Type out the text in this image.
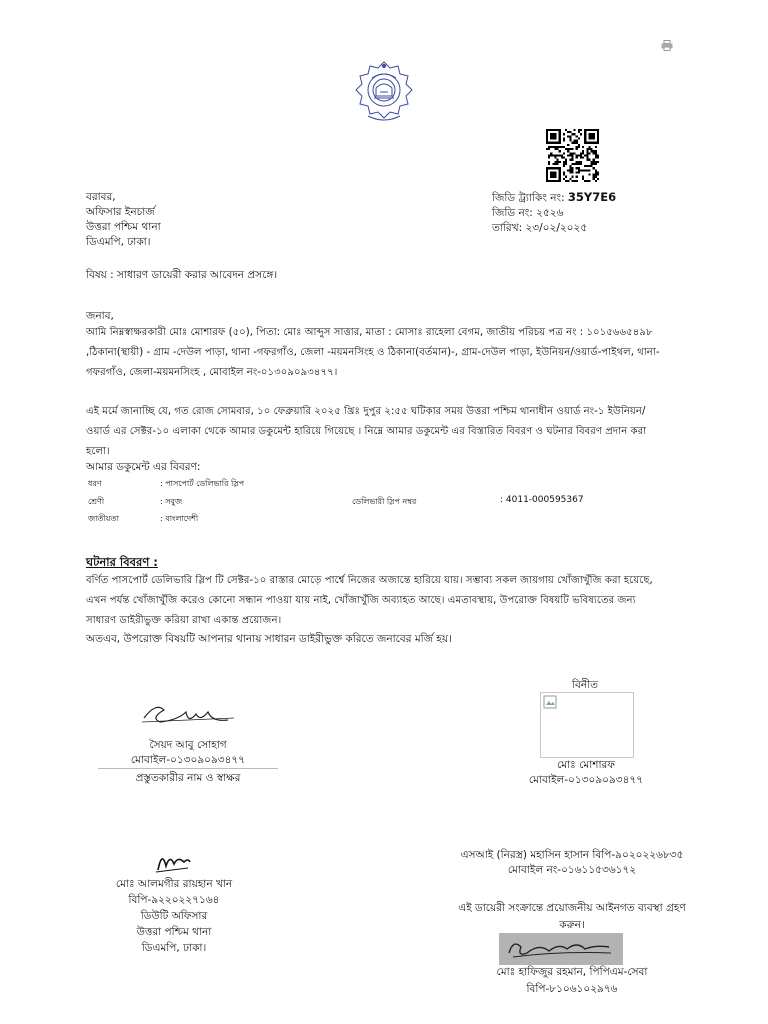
বরাবর,
অফিসার ইনচার্জ
উত্তরা পশ্চিম থানা
ডিএমপি, ঢাকা।
জিডি ট্র্যাকিং নং: 35Y7E6
জিডি নং: ২৫২৬
তারিখ: ২৩/০২/২০২৫
বিষয় : সাধারণ ডায়েরী করার আবেদন প্রসঙ্গে।
জনাব,
আমি নিম্নস্বাক্ষরকারী মোঃ মোশারফ (৫০), পিতা: মোঃ আব্দুস সাত্তার, মাতা : মোসাঃ রাহেলা বেগম, জাতীয় পরিচয় পত্র নং : ১০১৫৬৬৫৪৯৮
,ঠিকানা(স্থায়ী) - গ্রাম -দেউল পাড়া, থানা -গফরগাঁও, জেলা -ময়মনসিংহ ও ঠিকানা(বর্তমান)-, গ্রাম-দেউল পাড়া, ইউনিয়ন/ওয়ার্ড-পাইথল, থানা-
গফরগাঁও, জেলা-ময়মনসিংহ , মোবাইল নং-০১৩০৯০৯৩৪৭৭।
এই মর্মে জানাচ্ছি যে, গত রোজ সোমবার, ১০ ফেব্রুয়ারি ২০২৫ খ্রিঃ দুপুর ২:৫৫ ঘটিকার সময় উত্তরা পশ্চিম থানাধীন ওয়ার্ড নং-১ ইউনিয়ন/
ওয়ার্ড এর সেক্টর-১০ এলাকা থেকে আমার ডকুমেন্ট হারিয়ে গিয়েছে । নিম্নে আমার ডকুমেন্ট এর বিস্তারিত বিবরণ ও ঘটনার বিবরণ প্রদান করা
হলো।
আমার ডকুমেন্ট এর বিবরণ:
ধরণ	: পাসপোর্ট ডেলিভারি স্লিপ
শ্রেণী	: সবুজ	ডেলিভারী স্লিপ নম্বর	: 4011-000595367
জাতীয়তা	: বাংলাদেশী
ঘটনার বিবরণ :
বর্ণিত পাসপোর্ট ডেলিভারি স্লিপ টি সেক্টর-১০ রাস্তার মোড়ে পার্শ্বে নিজের অজান্তে হারিয়ে যায়। সম্ভাব্য সকল জায়গায় খোঁজাখুঁজি করা হয়েছে,
এখন পর্যন্ত খোঁজাখুঁজি করেও কোনো সন্ধান পাওয়া যায় নাই, খোঁজাখুঁজি অব্যাহত আছে। এমতাবস্থায়, উপরোক্ত বিষয়টি ভবিষ্যতের জন্য
সাধারণ ডাইরীভুক্ত করিয়া রাখা একান্ত প্রয়োজন।
অতএব, উপরোক্ত বিষয়টি আপনার থানায় সাধারন ডাইরীভুক্ত করিতে জনাবের মর্জি হয়।
সৈয়দ আবু সোহাগ
মোবাইল-০১৩০৯০৯৩৪৭৭
প্রস্তুতকারীর নাম ও স্বাক্ষর
বিনীত
মোঃ মোশারফ
মোবাইল-০১৩০৯০৯৩৪৭৭
মোঃ আলমগীর রায়হান খান
বিপি-৯২২০২২৭১৬৪
ডিউটি অফিসার
উত্তরা পশ্চিম থানা
ডিএমপি, ঢাকা।
এসআই (নিরস্ত্র) মহাসিন হাসান বিপি-৯০২০২২৬৮৩৫
মোবাইল নং-০১৬১১৫৩৬১৭২
এই ডায়েরী সংক্রান্তে প্রয়োজনীয় আইনগত ব্যবস্থা গ্রহণ
করুন।
মোঃ হাফিজুর রহমান, পিপিএম-সেবা
বিপি-৮১০৬১০২৯৭৬
